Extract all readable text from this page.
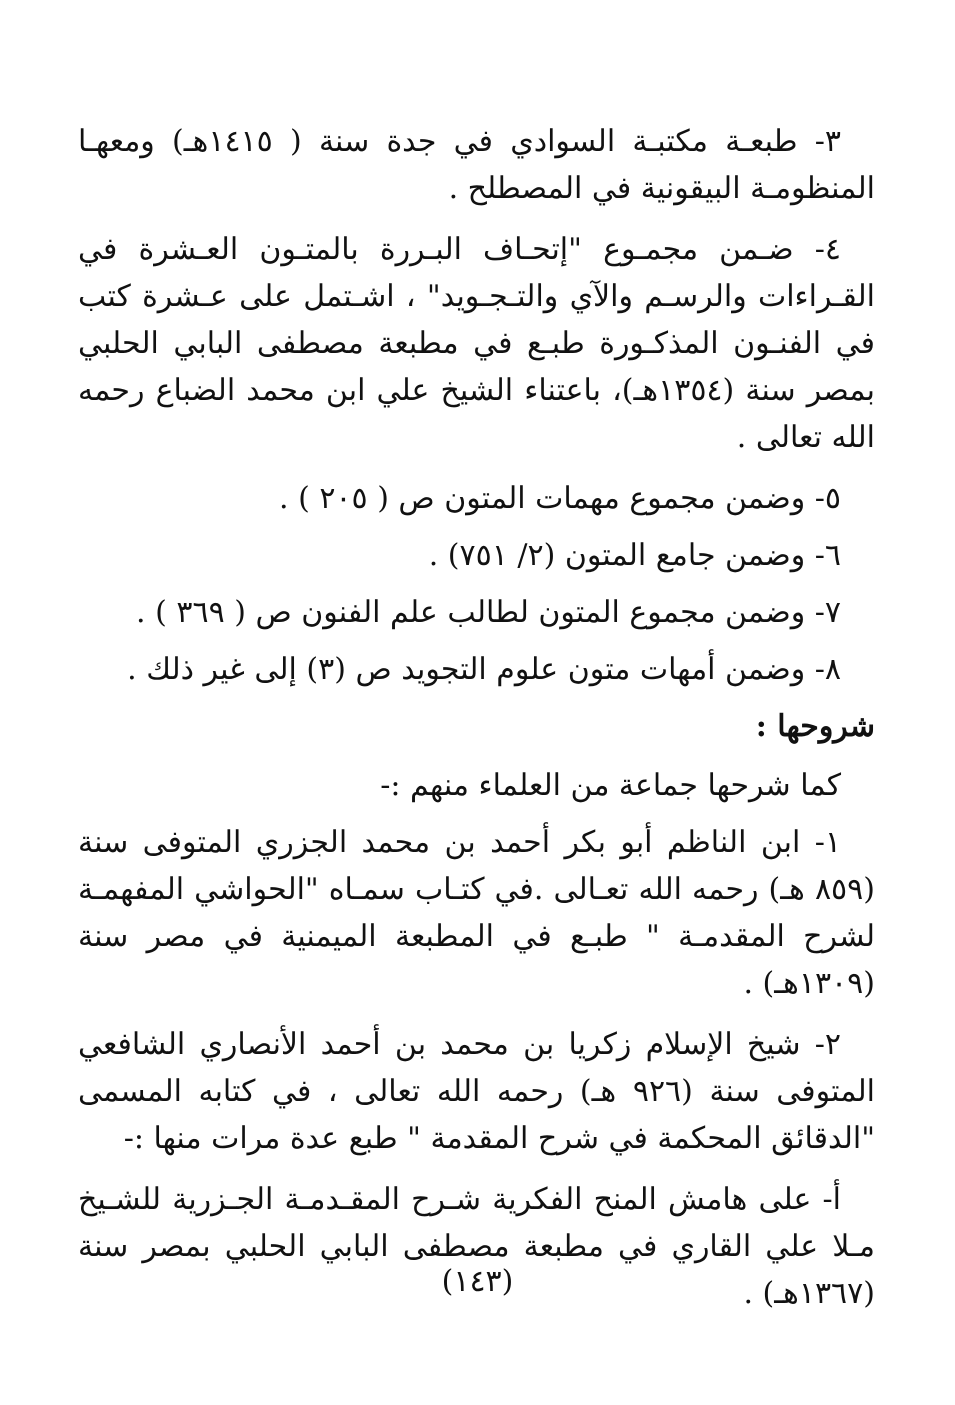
٣- طبعـة مكتبـة السوادي في جدة سنة ( ١٤١٥هـ) ومعهـا المنظومـة البيقونية في المصطلح .

٤- ضـمن مجمـوع "إتحـاف البـررة بالمتـون العـشرة في القـراءات والرسـم والآي والتـجـويد" ، اشـتمل على عـشرة كتب في الفنـون المذكـورة طبـع في مطبعة مصطفى البابي الحلبي بمصر سنة (١٣٥٤هـ)، باعتناء الشيخ علي ابن محمد الضباع رحمه الله تعالى .

٥- وضمن مجموع مهمات المتون ص ( ٢٠٥ ) .

٦- وضمن جامع المتون (٢/ ٧٥١) .

٧- وضمن مجموع المتون لطالب علم الفنون ص ( ٣٦٩ ) .

٨- وضمن أمهات متون علوم التجويد ص (٣) إلى غير ذلك .

شروحها :

كما شرحها جماعة من العلماء منهم :-

١- ابن الناظم أبو بكر أحمد بن محمد الجزري المتوفى سنة (٨٥٩ هـ) رحمه الله تعـالى .في كتـاب سمـاه "الحواشي المفهمـة لشرح المقدمـة " طبـع في المطبعة الميمنية في مصر سنة (١٣٠٩هـ) .

٢- شيخ الإسلام زكريا بن محمد بن أحمد الأنصاري الشافعي المتوفى سنة (٩٢٦ هـ) رحمه الله تعالى ، في كتابه المسمى "الدقائق المحكمة في شرح المقدمة " طبع عدة مرات منها :-

أ- على هامش المنح الفكرية شـرح المقـدمـة الجـزرية للشـيخ مـلا علي القاري في مطبعة مصطفى البابي الحلبي بمصر سنة (١٣٦٧هـ) .

(١٤٣)
